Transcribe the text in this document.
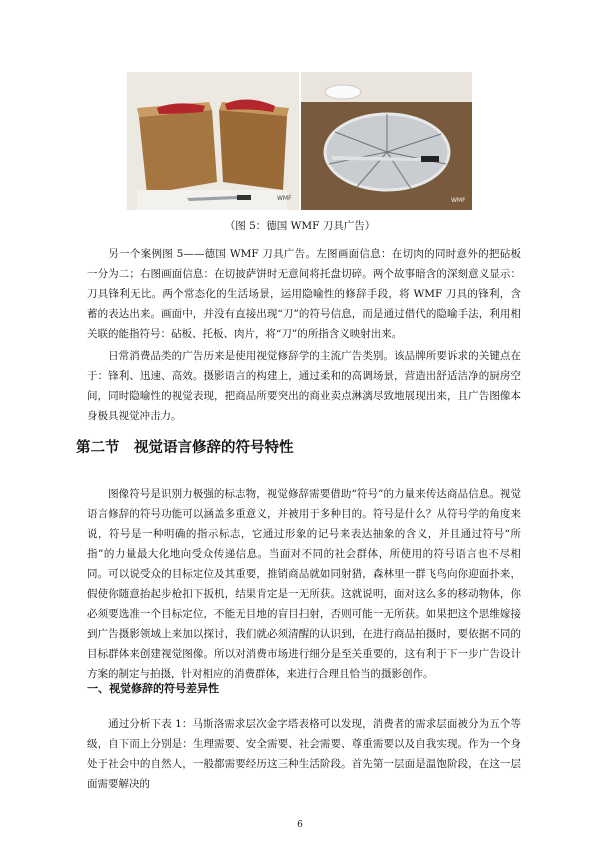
WMF	WMF
（图 5：德国 WMF 刀具广告）

另一个案例图 5——德国 WMF 刀具广告。左图画面信息：在切肉的同时意外的把砧板一分为二；右图画面信息：在切披萨饼时无意间将托盘切碎。两个故事暗含的深刻意义显示：刀具锋利无比。两个常态化的生活场景，运用隐喻性的修辞手段，将 WMF 刀具的锋利，含蓄的表达出来。画面中，并没有直接出现“刀”的符号信息，而是通过借代的隐喻手法，利用相关联的能指符号：砧板、托板、肉片，将“刀”的所指含义映射出来。

日常消费品类的广告历来是使用视觉修辞学的主流广告类别。该品牌所要诉求的关键点在于：锋利、迅速、高效。摄影语言的构建上，通过柔和的高调场景，营造出舒适洁净的厨房空间，同时隐喻性的视觉表现，把商品所要突出的商业卖点淋漓尽致地展现出来，且广告图像本身极具视觉冲击力。

第二节　视觉语言修辞的符号特性

图像符号是识别力极强的标志物，视觉修辞需要借助“符号”的力量来传达商品信息。视觉语言修辞的符号功能可以涵盖多重意义，并被用于多种目的。符号是什么？从符号学的角度来说，符号是一种明确的指示标志，它通过形象的记号来表达抽象的含义，并且通过符号“所指”的力量最大化地向受众传递信息。当面对不同的社会群体，所使用的符号语言也不尽相同。可以说受众的目标定位及其重要，推销商品就如同射猎，森林里一群飞鸟向你迎面扑来，假使你随意抬起步枪扣下扳机，结果肯定是一无所获。这就说明，面对这么多的移动物体，你必须要选准一个目标定位，不能无目地的盲目扫射，否则可能一无所获。如果把这个思维嫁接到广告摄影领域上来加以探讨，我们就必须清醒的认识到，在进行商品拍摄时，要依据不同的目标群体来创建视觉图像。所以对消费市场进行细分是至关重要的，这有利于下一步广告设计方案的制定与拍摄，针对相应的消费群体，来进行合理且恰当的摄影创作。

一、视觉修辞的符号差异性

通过分析下表 1：马斯洛需求层次金字塔表格可以发现，消费者的需求层面被分为五个等级，自下而上分别是：生理需要、安全需要、社会需要、尊重需要以及自我实现。作为一个身处于社会中的自然人，一般都需要经历这三种生活阶段。首先第一层面是温饱阶段，在这一层面需要解决的

6
